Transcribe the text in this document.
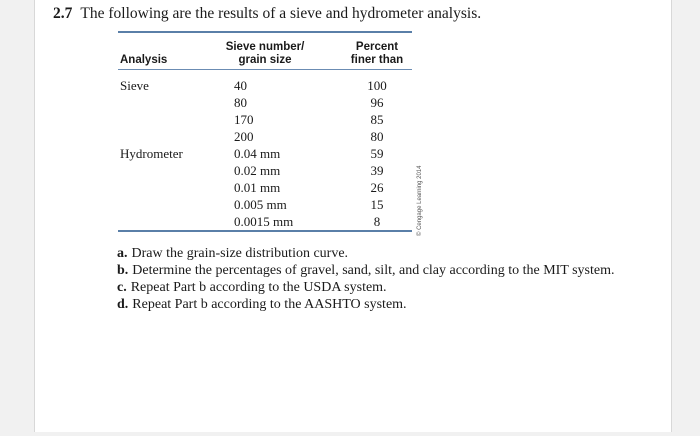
2.7 The following are the results of a sieve and hydrometer analysis.
Analysis
Sieve number/
grain size
Percent
finer than
Sieve
Hydrometer
40
80
170
200
0.04 mm
0.02 mm
0.01 mm
0.005 mm
0.0015 mm
100
96
85
80
59
39
26
15
8	© Cengage Learning 2014
a. Draw the grain-size distribution curve.
b. Determine the percentages of gravel, sand, silt, and clay according to the MIT system.
c. Repeat Part b according to the USDA system.
d. Repeat Part b according to the AASHTO system.
